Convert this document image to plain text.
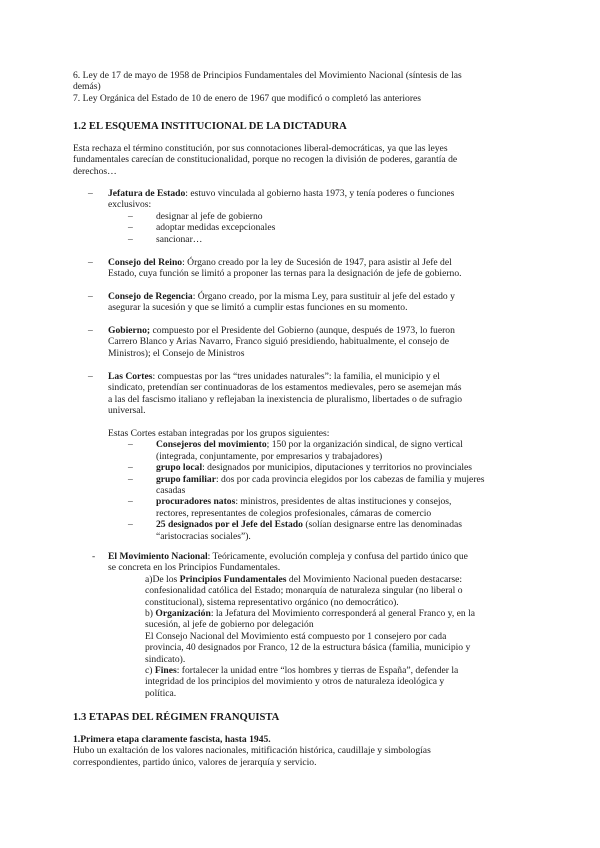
6. Ley de 17 de mayo de 1958 de Principios Fundamentales del Movimiento Nacional (síntesis de las

demás)

7. Ley Orgánica del Estado de 10 de enero de 1967 que modificó o completó las anteriores

1.2 EL ESQUEMA INSTITUCIONAL DE LA DICTADURA

Esta rechaza el término constitución, por sus connotaciones liberal-democráticas, ya que las leyes

fundamentales carecían de constitucionalidad, porque no recogen la división de poderes, garantía de

derechos…

– Jefatura de Estado: estuvo vinculada al gobierno hasta 1973, y tenía poderes o funciones

exclusivos:

– designar al jefe de gobierno
– adoptar medidas excepcionales
– sancionar…
– Consejo del Reino: Órgano creado por la ley de Sucesión de 1947, para asistir al Jefe del

Estado, cuya función se limitó a proponer las ternas para la designación de jefe de gobierno.

– Consejo de Regencia: Órgano creado, por la misma Ley, para sustituir al jefe del estado y

asegurar la sucesión y que se limitó a cumplir estas funciones en su momento.

– Gobierno; compuesto por el Presidente del Gobierno (aunque, después de 1973, lo fueron

Carrero Blanco y Arias Navarro, Franco siguió presidiendo, habitualmente, el consejo de

Ministros); el Consejo de Ministros

– Las Cortes: compuestas por las “tres unidades naturales”: la familia, el municipio y el

sindicato, pretendían ser continuadoras de los estamentos medievales, pero se asemejan más

a las del fascismo italiano y reflejaban la inexistencia de pluralismo, libertades o de sufragio

universal.

Estas Cortes estaban integradas por los grupos siguientes:

– Consejeros del movimiento; 150 por la organización sindical, de signo vertical
(integrada, conjuntamente, por empresarios y trabajadores)
– grupo local: designados por municipios, diputaciones y territorios no provinciales
– grupo familiar: dos por cada provincia elegidos por los cabezas de familia y mujeres
casadas
– procuradores natos: ministros, presidentes de altas instituciones y consejos,
rectores, representantes de colegios profesionales, cámaras de comercio
– 25 designados por el Jefe del Estado (solían designarse entre las denominadas
“aristocracias sociales”).
- El Movimiento Nacional: Teóricamente, evolución compleja y confusa del partido único que

se concreta en los Principios Fundamentales.

a)De los Principios Fundamentales del Movimiento Nacional pueden destacarse:

confesionalidad católica del Estado; monarquía de naturaleza singular (no liberal o

constitucional), sistema representativo orgánico (no democrático).

b) Organización: la Jefatura del Movimiento corresponderá al general Franco y, en la

sucesión, al jefe de gobierno por delegación

El Consejo Nacional del Movimiento está compuesto por 1 consejero por cada

provincia, 40 designados por Franco, 12 de la estructura básica (familia, municipio y

sindicato).

c) Fines: fortalecer la unidad entre “los hombres y tierras de España”, defender la

integridad de los principios del movimiento y otros de naturaleza ideológica y

política.

1.3 ETAPAS DEL RÉGIMEN FRANQUISTA

1.Primera etapa claramente fascista, hasta 1945.

Hubo un exaltación de los valores nacionales, mitificación histórica, caudillaje y simbologías

correspondientes, partido único, valores de jerarquía y servicio.
